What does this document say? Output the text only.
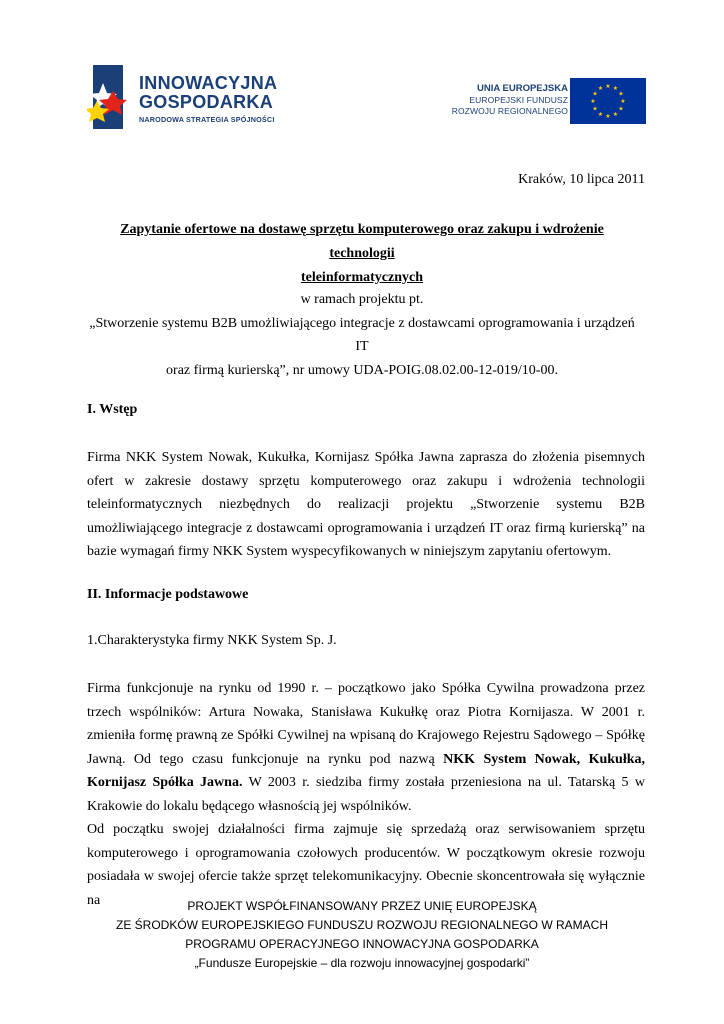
INNOWACYJNA
GOSPODARKA
NARODOWA STRATEGIA SPÓJNOŚCI
UNIA EUROPEJSKA
EUROPEJSKI FUNDUSZ
ROZWOJU REGIONALNEGO
★ ★
★
★
★
★
★
★
★
★
★
★
Kraków, 10 lipca 2011
Zapytanie ofertowe na dostawę sprzętu komputerowego oraz zakupu i wdrożenie technologii
teleinformatycznych
w ramach projektu pt.
„Stworzenie systemu B2B umożliwiającego integracje z dostawcami oprogramowania i urządzeń IT
oraz firmą kurierską”, nr umowy UDA-POIG.08.02.00-12-019/10-00.
I. Wstęp
Firma NKK System Nowak, Kukułka, Kornijasz Spółka Jawna zaprasza do złożenia pisemnych ofert w zakresie dostawy sprzętu komputerowego oraz zakupu i wdrożenia technologii teleinformatycznych niezbędnych do realizacji projektu „Stworzenie systemu B2B umożliwiającego integracje z dostawcami oprogramowania i urządzeń IT oraz firmą kurierską” na bazie wymagań firmy NKK System wyspecyfikowanych w niniejszym zapytaniu ofertowym.
II. Informacje podstawowe
1.Charakterystyka firmy NKK System Sp. J.
Firma funkcjonuje na rynku od 1990 r. – początkowo jako Spółka Cywilna prowadzona przez trzech wspólników: Artura Nowaka, Stanisława Kukułkę oraz Piotra Kornijasza. W 2001 r. zmieniła formę prawną ze Spółki Cywilnej na wpisaną do Krajowego Rejestru Sądowego – Spółkę Jawną. Od tego czasu funkcjonuje na rynku pod nazwą NKK System Nowak, Kukułka, Kornijasz Spółka Jawna. W 2003 r. siedziba firmy została przeniesiona na ul. Tatarską 5 w Krakowie do lokalu będącego własnością jej wspólników.
Od początku swojej działalności firma zajmuje się sprzedażą oraz serwisowaniem sprzętu komputerowego i oprogramowania czołowych producentów. W początkowym okresie rozwoju posiadała w swojej ofercie także sprzęt telekomunikacyjny. Obecnie skoncentrowała się wyłącznie na	PROJEKT WSPÓŁFINANSOWANY PRZEZ UNIĘ EUROPEJSKĄ
ZE ŚRODKÓW EUROPEJSKIEGO FUNDUSZU ROZWOJU REGIONALNEGO W RAMACH
PROGRAMU OPERACYJNEGO INNOWACYJNA GOSPODARKA
„Fundusze Europejskie – dla rozwoju innowacyjnej gospodarki”
